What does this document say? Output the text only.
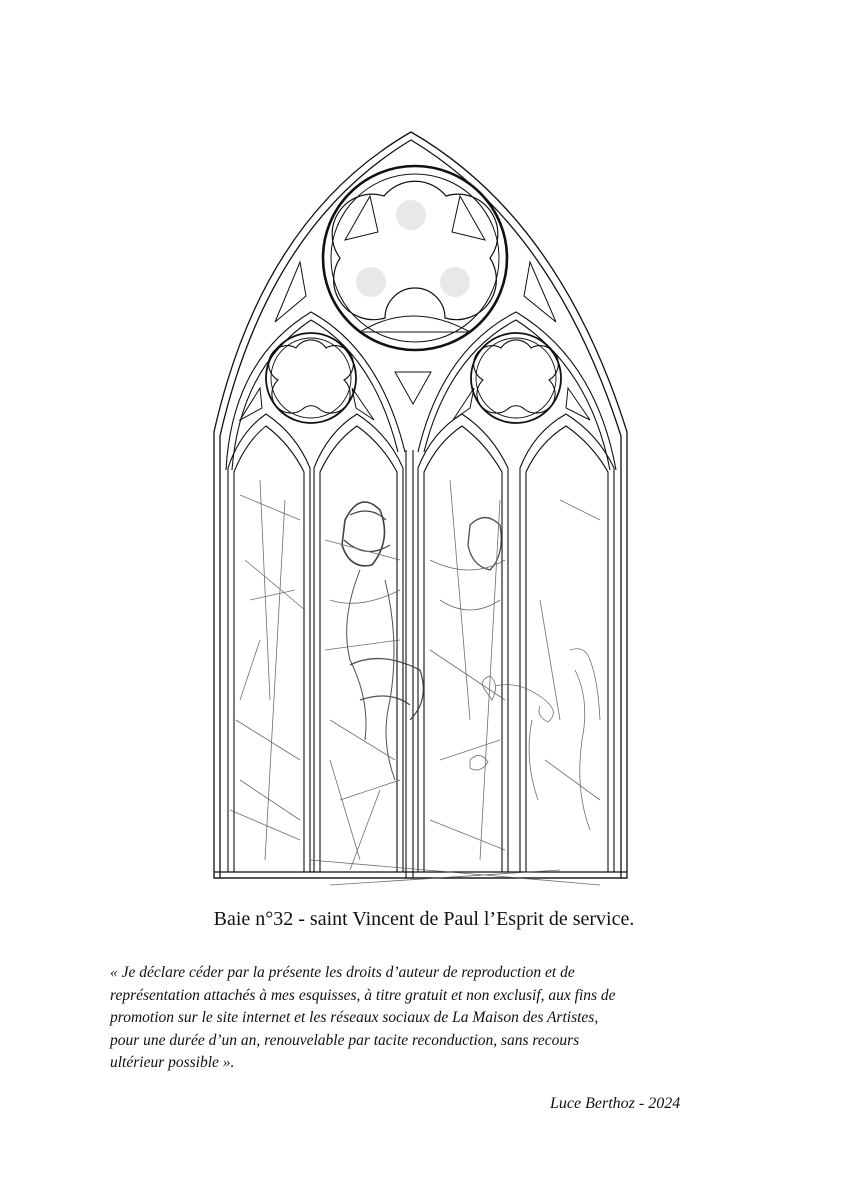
Baie n°32 - saint Vincent de Paul l’Esprit de service.
« Je déclare céder par la présente les droits d’auteur de reproduction et de
représentation attachés à mes esquisses, à titre gratuit et non exclusif, aux fins de
promotion sur le site internet et les réseaux sociaux de La Maison des Artistes,
pour une durée d’un an, renouvelable par tacite reconduction, sans recours
ultérieur possible ».
Luce Berthoz - 2024
